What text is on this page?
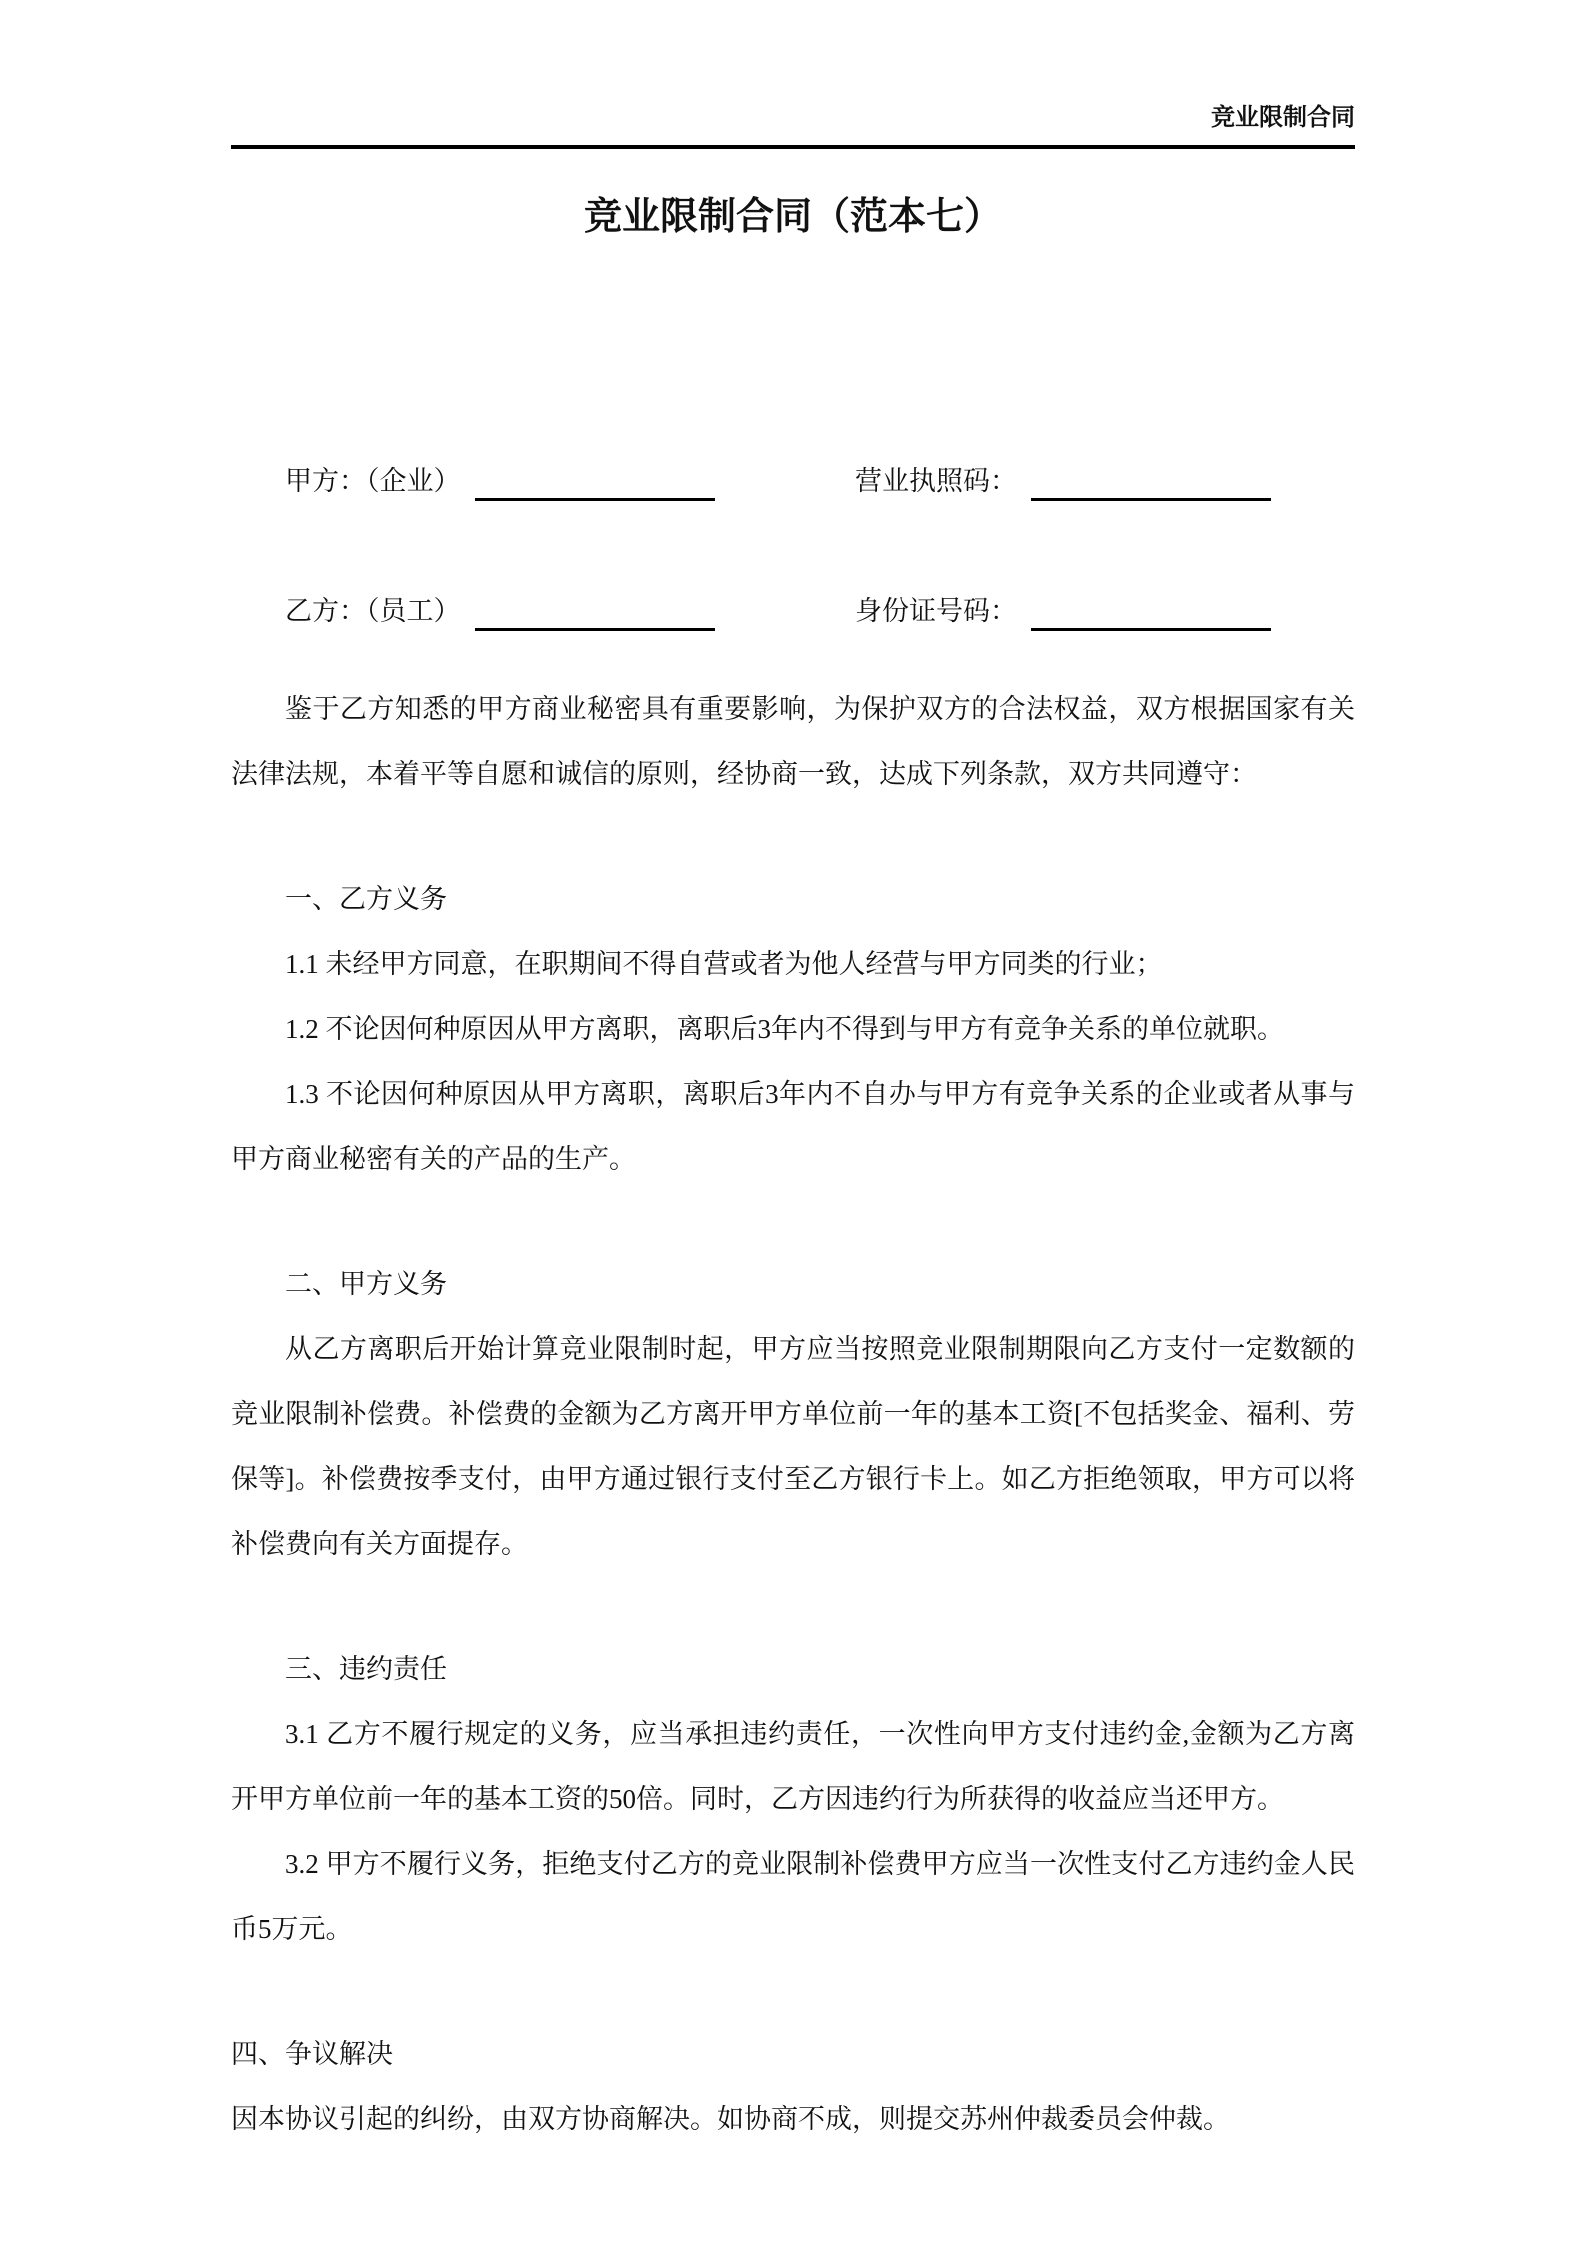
竞业限制合同
竞业限制合同（范本七）
甲方：（企业）	营业执照码：
乙方：（员工）	身份证号码：

鉴于乙方知悉的甲方商业秘密具有重要影响，为保护双方的合法权益，双方根据国家有关法律法规，本着平等自愿和诚信的原则，经协商一致，达成下列条款，双方共同遵守：

一、乙方义务

1.1 未经甲方同意，在职期间不得自营或者为他人经营与甲方同类的行业；

1.2 不论因何种原因从甲方离职，离职后3年内不得到与甲方有竞争关系的单位就职。

1.3 不论因何种原因从甲方离职，离职后3年内不自办与甲方有竞争关系的企业或者从事与甲方商业秘密有关的产品的生产。

二、甲方义务

从乙方离职后开始计算竞业限制时起，甲方应当按照竞业限制期限向乙方支付一定数额的竞业限制补偿费。补偿费的金额为乙方离开甲方单位前一年的基本工资[不包括奖金、福利、劳保等]。补偿费按季支付，由甲方通过银行支付至乙方银行卡上。如乙方拒绝领取，甲方可以将补偿费向有关方面提存。

三、违约责任

3.1 乙方不履行规定的义务，应当承担违约责任，一次性向甲方支付违约金,金额为乙方离开甲方单位前一年的基本工资的50倍。同时，乙方因违约行为所获得的收益应当还甲方。

3.2 甲方不履行义务，拒绝支付乙方的竞业限制补偿费甲方应当一次性支付乙方违约金人民币5万元。

四、争议解决

因本协议引起的纠纷，由双方协商解决。如协商不成，则提交苏州仲裁委员会仲裁。
